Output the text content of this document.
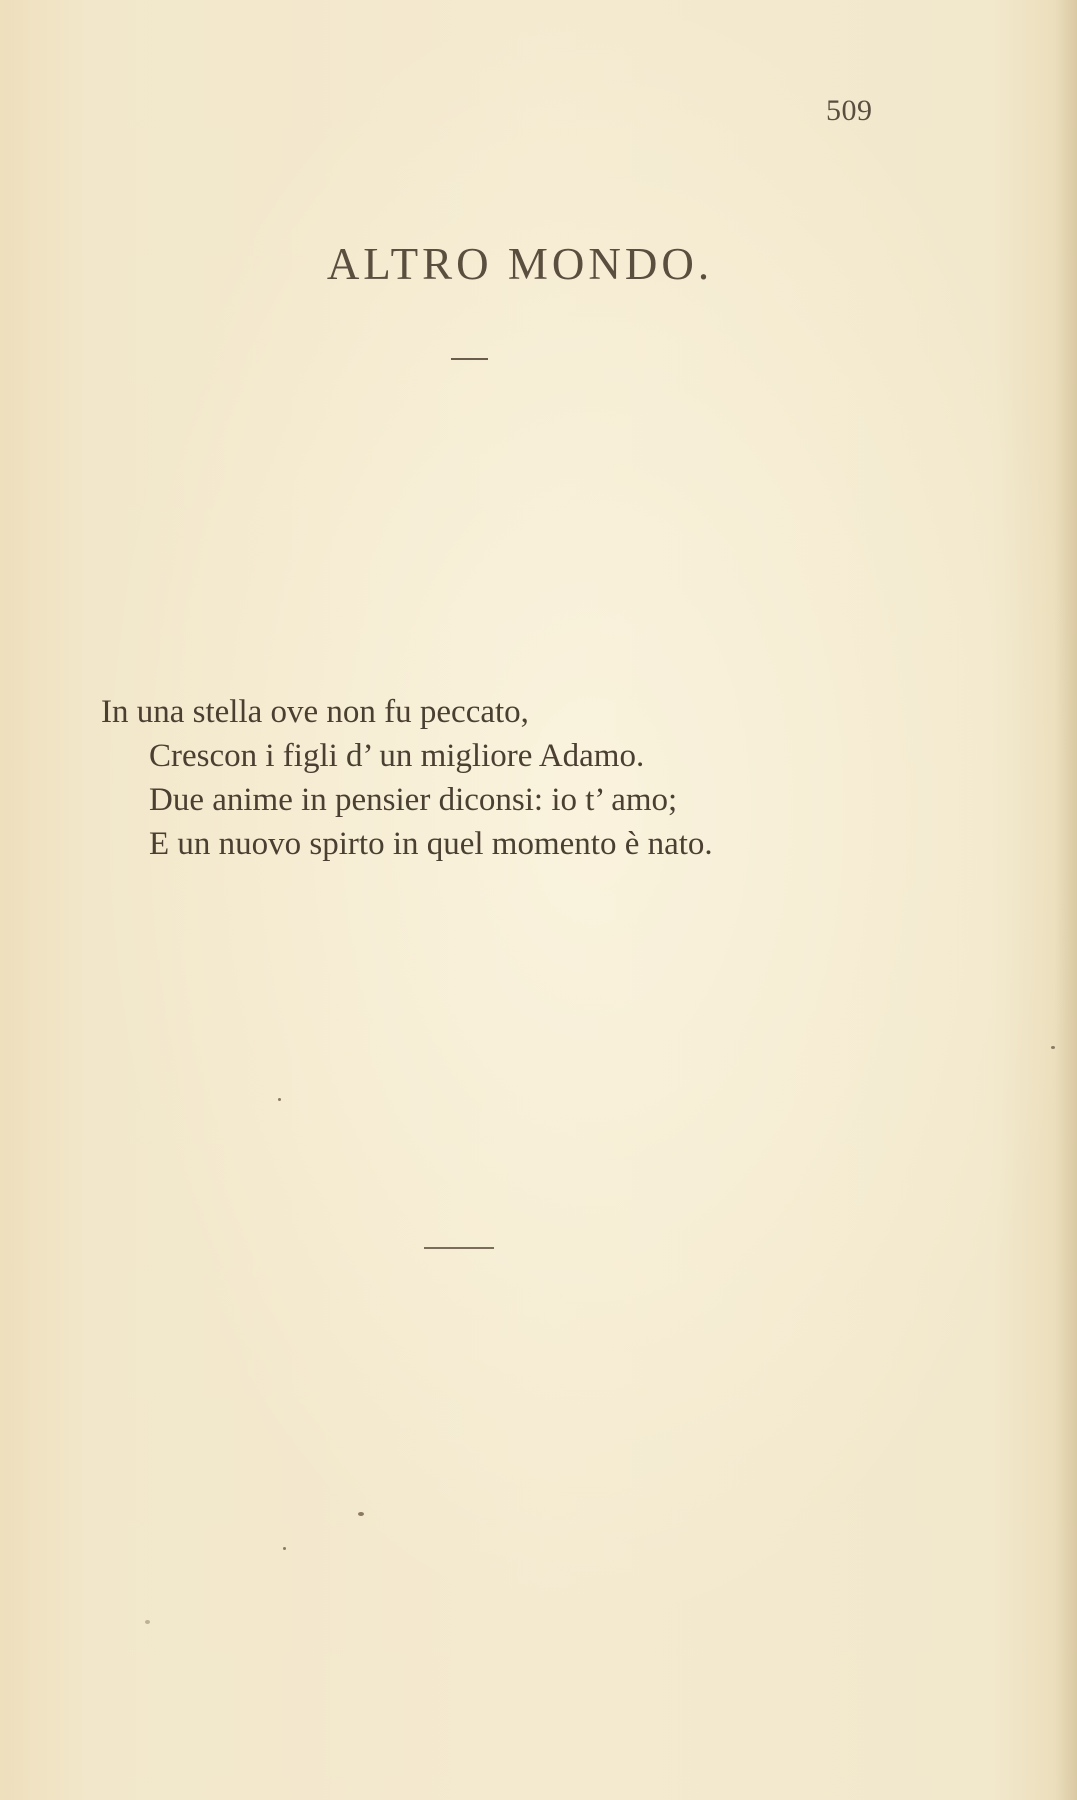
509
ALTRO MONDO.
In una stella ove non fu peccato,
Crescon i figli d’ un migliore Adamo.
Due anime in pensier diconsi: io t’ amo;
E un nuovo spirto in quel momento è nato.
